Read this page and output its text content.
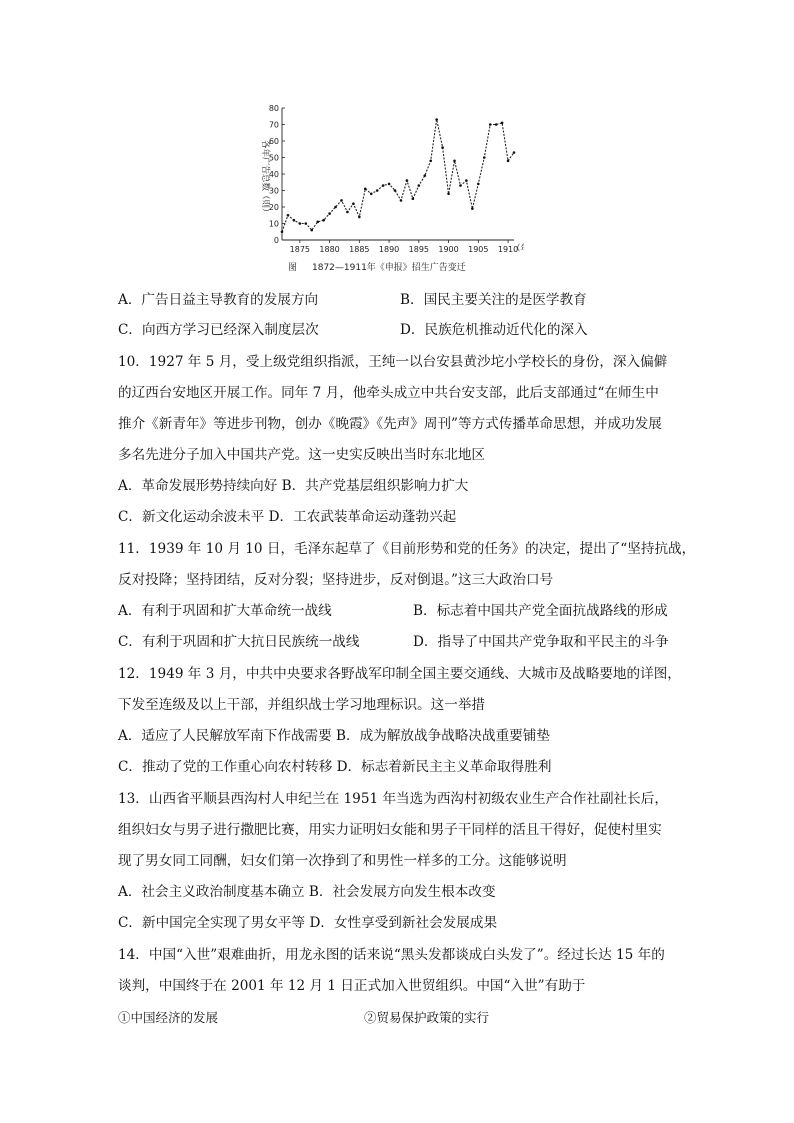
各年广告总数（则）
0
10
20
30
40
50
60
70
80
1875 1880 1885 1890 1895 1900 1905 1910
（
图 1872—1911年《申报》招生广告变迁
A．广告日益主导教育的发展方向	B．国民主要关注的是医学教育
C．向西方学习已经深入制度层次	D．民族危机推动近代化的深入
10．1927 年 5 月，受上级党组织指派，王纯一以台安县黄沙坨小学校长的身份，深入偏僻
的辽西台安地区开展工作。同年 7 月，他牵头成立中共台安支部，此后支部通过“在师生中
推介《新青年》等进步刊物，创办《晚霞》《先声》周刊”等方式传播革命思想，并成功发展
多名先进分子加入中国共产党。这一史实反映出当时东北地区
A．革命发展形势持续向好 B．共产党基层组织影响力扩大
C．新文化运动余波未平 D．工农武装革命运动蓬勃兴起
11．1939 年 10 月 10 日，毛泽东起草了《目前形势和党的任务》的决定，提出了“坚持抗战，
反对投降；坚持团结，反对分裂；坚持进步，反对倒退。”这三大政治口号
A．有利于巩固和扩大革命统一战线	B．标志着中国共产党全面抗战路线的形成
C．有利于巩固和扩大抗日民族统一战线	D．指导了中国共产党争取和平民主的斗争
12．1949 年 3 月，中共中央要求各野战军印制全国主要交通线、大城市及战略要地的详图，
下发至连级及以上干部，并组织战士学习地理标识。这一举措
A．适应了人民解放军南下作战需要 B．成为解放战争战略决战重要铺垫
C．推动了党的工作重心向农村转移 D．标志着新民主主义革命取得胜利
13．山西省平顺县西沟村人申纪兰在 1951 年当选为西沟村初级农业生产合作社副社长后，
组织妇女与男子进行撒肥比赛，用实力证明妇女能和男子干同样的活且干得好，促使村里实
现了男女同工同酬，妇女们第一次挣到了和男性一样多的工分。这能够说明
A．社会主义政治制度基本确立 B．社会发展方向发生根本改变
C．新中国完全实现了男女平等 D．女性享受到新社会发展成果
14．中国“入世”艰难曲折，用龙永图的话来说“黑头发都谈成白头发了”。经过长达 15 年的
谈判，中国终于在 2001 年 12 月 1 日正式加入世贸组织。中国“入世”有助于
①中国经济的发展	②贸易保护政策的实行
